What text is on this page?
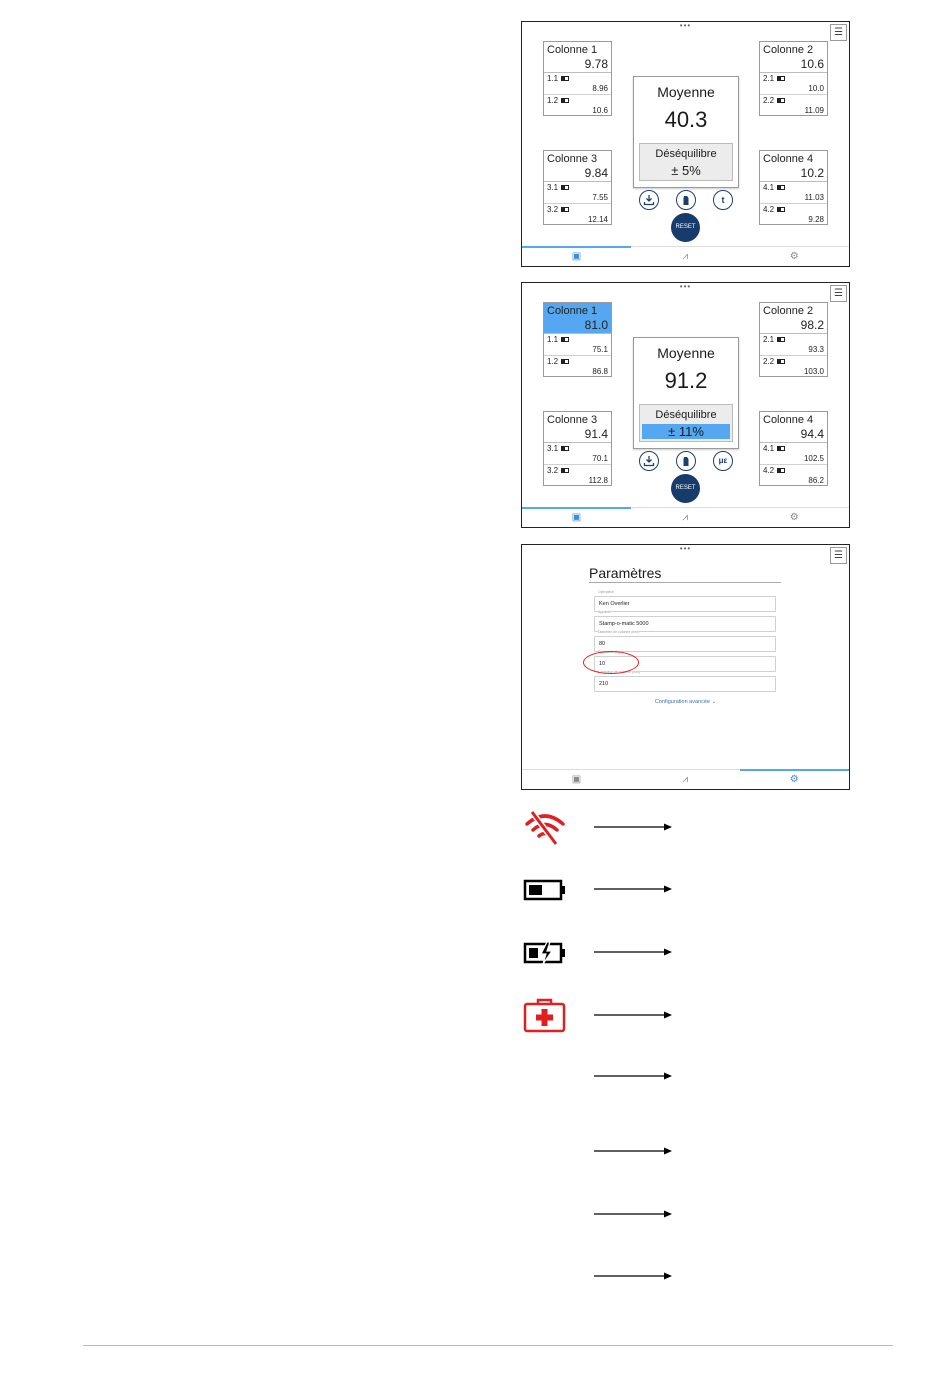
•••
☰
Colonne 1
9.78
1.1
8.96
1.2
10.6
Colonne 2
10.6
2.1
10.0
2.2
11.09
Colonne 3
9.84
3.1
7.55
3.2
12.14
Colonne 4
10.2
4.1
11.03
4.2
9.28
Moyenne
40.3
Déséquilibre
± 5%
t
RESET
▣	⩘	⚙
•••
☰
Colonne 1
81.0
1.1
75.1
1.2
86.8
Colonne 2
98.2
2.1
93.3
2.2
103.0
Colonne 3
91.4
3.1
70.1
3.2
112.8
Colonne 4
94.4
4.1
102.5
4.2
86.2
Moyenne
91.2
Déséquilibre
± 11%
με
RESET
▣	⩘	⚙
•••
☰
Paramètres
Opérateur
Ken Overlier
Appareil
Stamp-o-matic 5000
Diamètre de colonne (mm)
80
Épaisseur (%)
10
Longueur de colonne (mm)
210
Configuration avancée ⌄
▣	⩘	⚙
